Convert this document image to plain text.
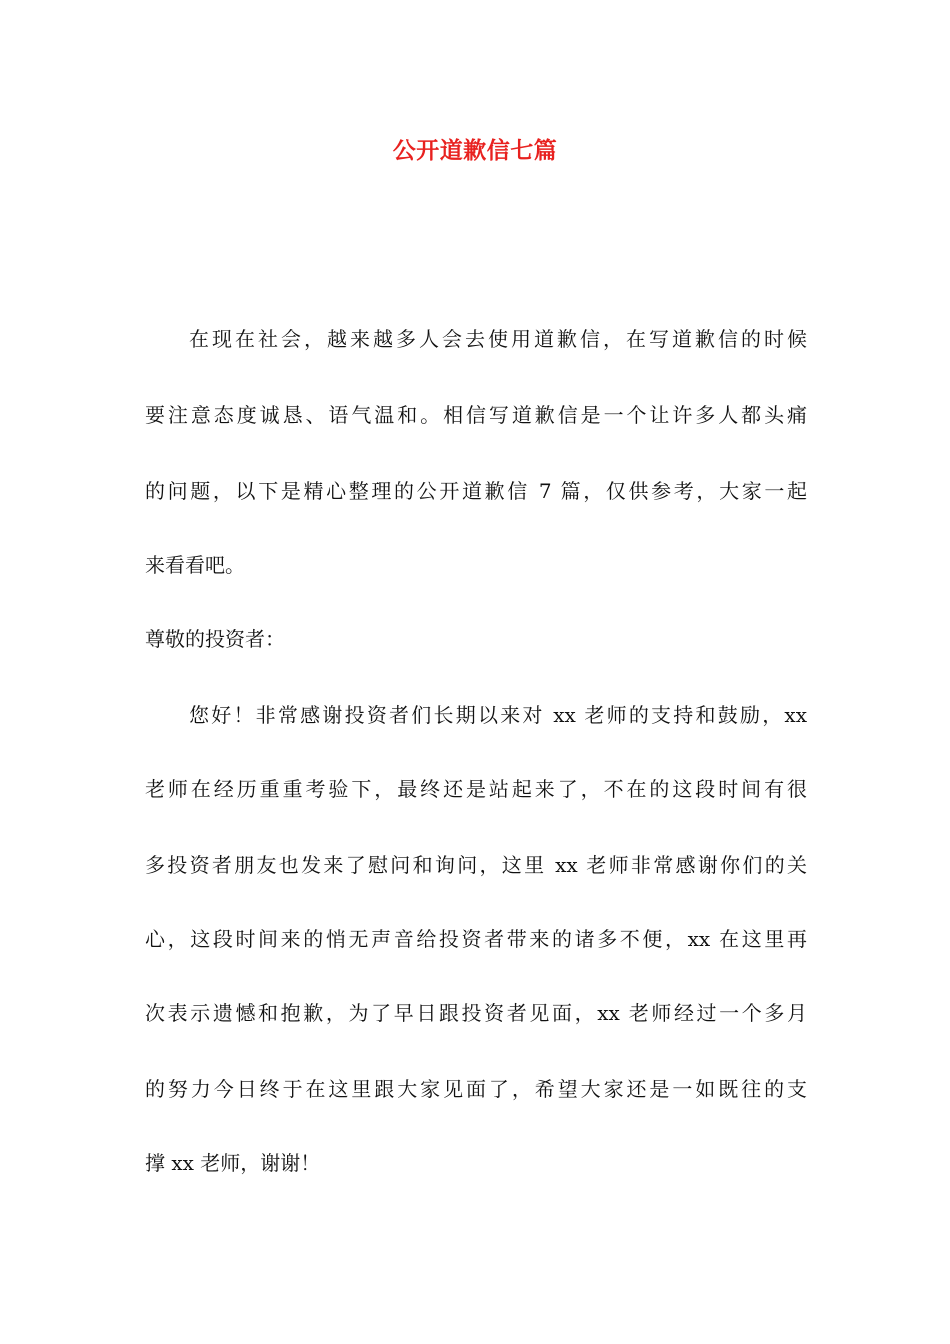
公开道歉信七篇
在现在社会，越来越多人会去使用道歉信，在写道歉信的时候
要注意态度诚恳、语气温和。相信写道歉信是一个让许多人都头痛
的问题，以下是精心整理的公开道歉信 7 篇，仅供参考，大家一起
来看看吧。
尊敬的投资者：
您好！非常感谢投资者们长期以来对 xx 老师的支持和鼓励，xx
老师在经历重重考验下，最终还是站起来了，不在的这段时间有很
多投资者朋友也发来了慰问和询问，这里 xx 老师非常感谢你们的关
心，这段时间来的悄无声音给投资者带来的诸多不便，xx 在这里再
次表示遗憾和抱歉，为了早日跟投资者见面，xx 老师经过一个多月
的努力今日终于在这里跟大家见面了，希望大家还是一如既往的支
撑 xx 老师，谢谢！
